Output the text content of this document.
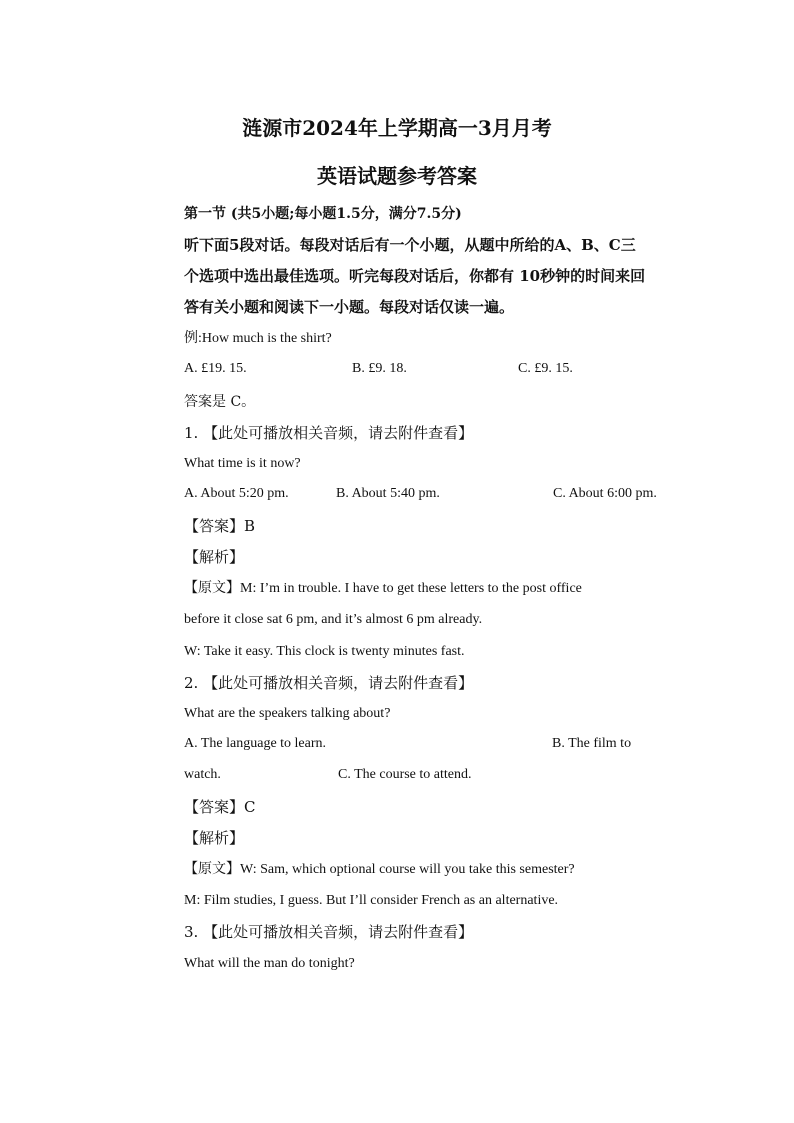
涟源市2024年上学期高一3月月考
英语试题参考答案
第一节 (共5小题;每小题1.5分，满分7.5分)
听下面5段对话。每段对话后有一个小题，从题中所给的A、B、C三
个选项中选出最佳选项。听完每段对话后，你都有 10秒钟的时间来回
答有关小题和阅读下一小题。每段对话仅读一遍。
例:How much is the shirt?
A. £19. 15.	B. £9. 18.	C. £9. 15.
答案是 C。
1. 【此处可播放相关音频，请去附件查看】
What time is it now?
A. About 5:20 pm.	B. About 5:40 pm.	C. About 6:00 pm.
【答案】B
【解析】
【原文】M: I’m in trouble. I have to get these letters to the post office
before it close sat 6 pm, and it’s almost 6 pm already.
W: Take it easy. This clock is twenty minutes fast.
2. 【此处可播放相关音频，请去附件查看】
What are the speakers talking about?
A. The language to learn.	B. The film to
watch.	C. The course to attend.
【答案】C
【解析】
【原文】W: Sam, which optional course will you take this semester?
M: Film studies, I guess. But I’ll consider French as an alternative.
3. 【此处可播放相关音频，请去附件查看】
What will the man do tonight?
